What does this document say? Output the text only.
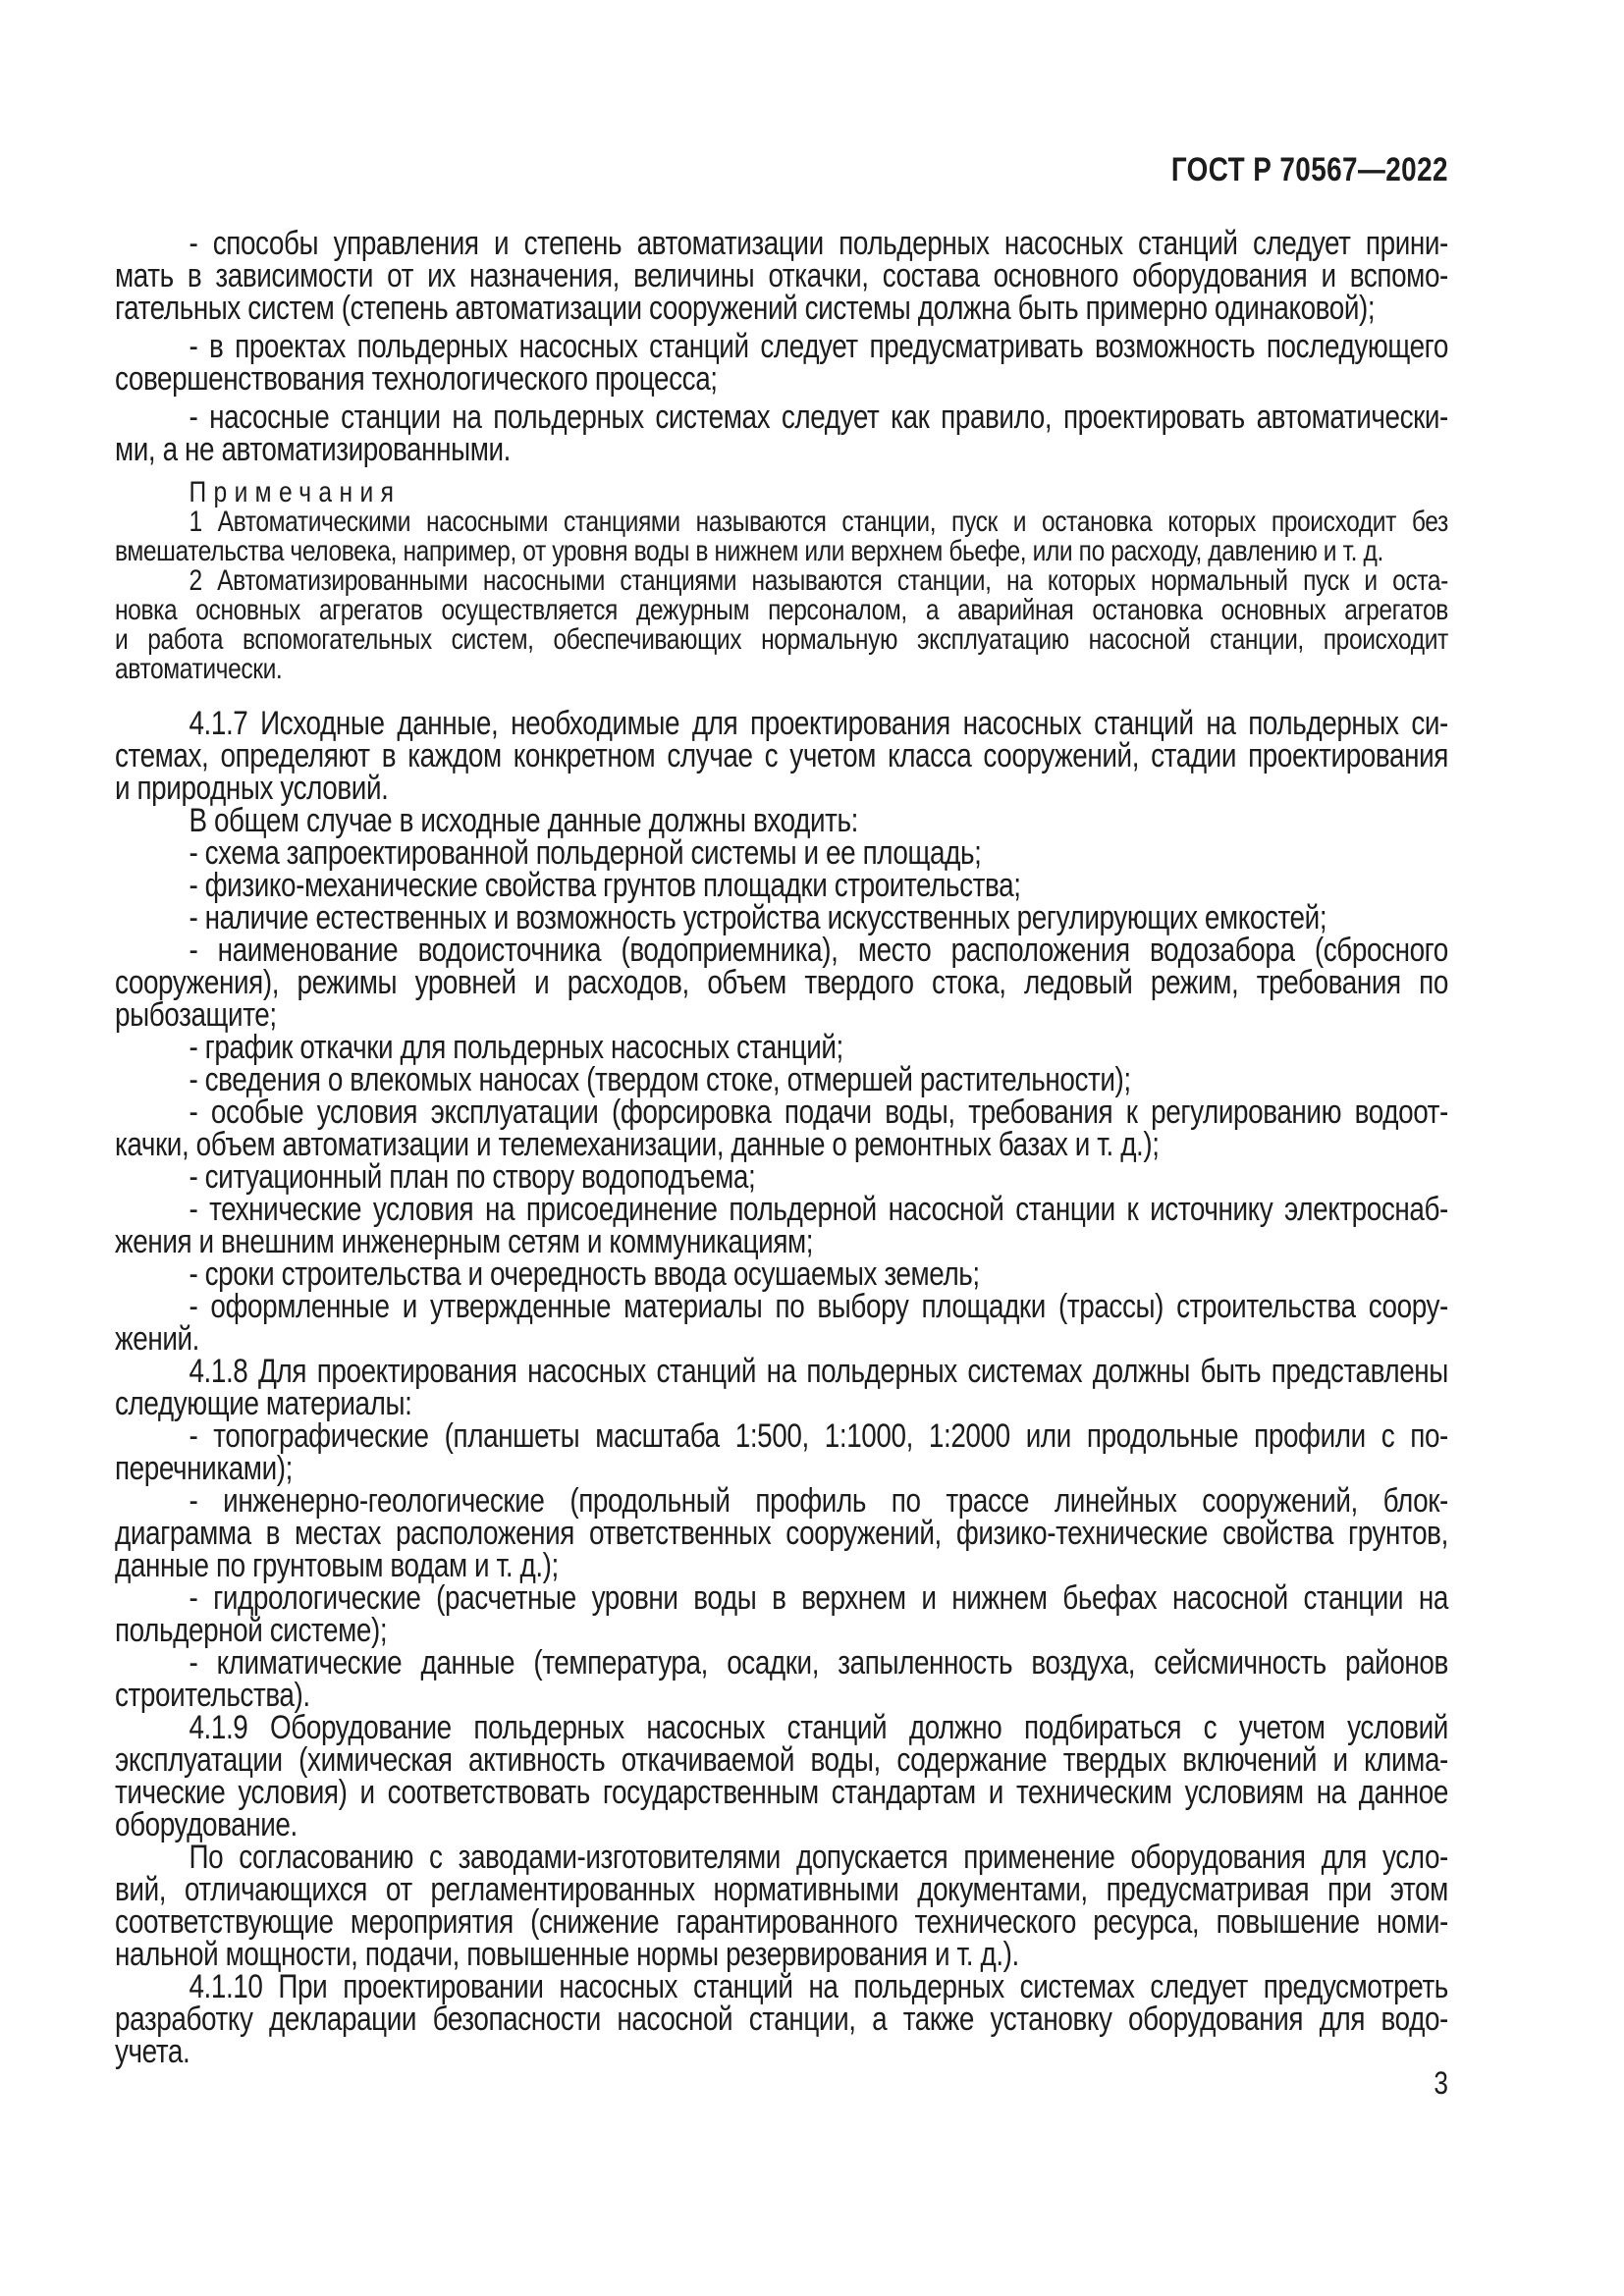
ГОСТ Р 70567—2022
- способы управления и степень автоматизации польдерных насосных станций следует прини-
мать в зависимости от их назначения, величины откачки, состава основного оборудования и вспомо-
гательных систем (степень автоматизации сооружений системы должна быть примерно одинаковой);
- в проектах польдерных насосных станций следует предусматривать возможность последующего
совершенствования технологического процесса;
- насосные станции на польдерных системах следует как правило, проектировать автоматически-
ми, а не автоматизированными.
Примечания
1 Автоматическими насосными станциями называются станции, пуск и остановка которых происходит без
вмешательства человека, например, от уровня воды в нижнем или верхнем бьефе, или по расходу, давлению и т. д.
2 Автоматизированными насосными станциями называются станции, на которых нормальный пуск и оста-
новка основных агрегатов осуществляется дежурным персоналом, а аварийная остановка основных агрегатов
и работа вспомогательных систем, обеспечивающих нормальную эксплуатацию насосной станции, происходит
автоматически.
4.1.7 Исходные данные, необходимые для проектирования насосных станций на польдерных си-
стемах, определяют в каждом конкретном случае с учетом класса сооружений, стадии проектирования
и природных условий.
В общем случае в исходные данные должны входить:
- схема запроектированной польдерной системы и ее площадь;
- физико-механические свойства грунтов площадки строительства;
- наличие естественных и возможность устройства искусственных регулирующих емкостей;
- наименование водоисточника (водоприемника), место расположения водозабора (сбросного
сооружения), режимы уровней и расходов, объем твердого стока, ледовый режим, требования по
рыбозащите;
- график откачки для польдерных насосных станций;
- сведения о влекомых наносах (твердом стоке, отмершей растительности);
- особые условия эксплуатации (форсировка подачи воды, требования к регулированию водоот-
качки, объем автоматизации и телемеханизации, данные о ремонтных базах и т. д.);
- ситуационный план по створу водоподъема;
- технические условия на присоединение польдерной насосной станции к источнику электроснаб-
жения и внешним инженерным сетям и коммуникациям;
- сроки строительства и очередность ввода осушаемых земель;
- оформленные и утвержденные материалы по выбору площадки (трассы) строительства соору-
жений.
4.1.8 Для проектирования насосных станций на польдерных системах должны быть представлены
следующие материалы:
- топографические (планшеты масштаба 1:500, 1:1000, 1:2000 или продольные профили с по-
перечниками);
- инженерно-геологические (продольный профиль по трассе линейных сооружений, блок-
диаграмма в местах расположения ответственных сооружений, физико-технические свойства грунтов,
данные по грунтовым водам и т. д.);
- гидрологические (расчетные уровни воды в верхнем и нижнем бьефах насосной станции на
польдерной системе);
- климатические данные (температура, осадки, запыленность воздуха, сейсмичность районов
строительства).
4.1.9 Оборудование польдерных насосных станций должно подбираться с учетом условий
эксплуатации (химическая активность откачиваемой воды, содержание твердых включений и клима-
тические условия) и соответствовать государственным стандартам и техническим условиям на данное
оборудование.
По согласованию с заводами-изготовителями допускается применение оборудования для усло-
вий, отличающихся от регламентированных нормативными документами, предусматривая при этом
соответствующие мероприятия (снижение гарантированного технического ресурса, повышение номи-
нальной мощности, подачи, повышенные нормы резервирования и т. д.).
4.1.10 При проектировании насосных станций на польдерных системах следует предусмотреть
разработку декларации безопасности насосной станции, а также установку оборудования для водо-
учета.
3
